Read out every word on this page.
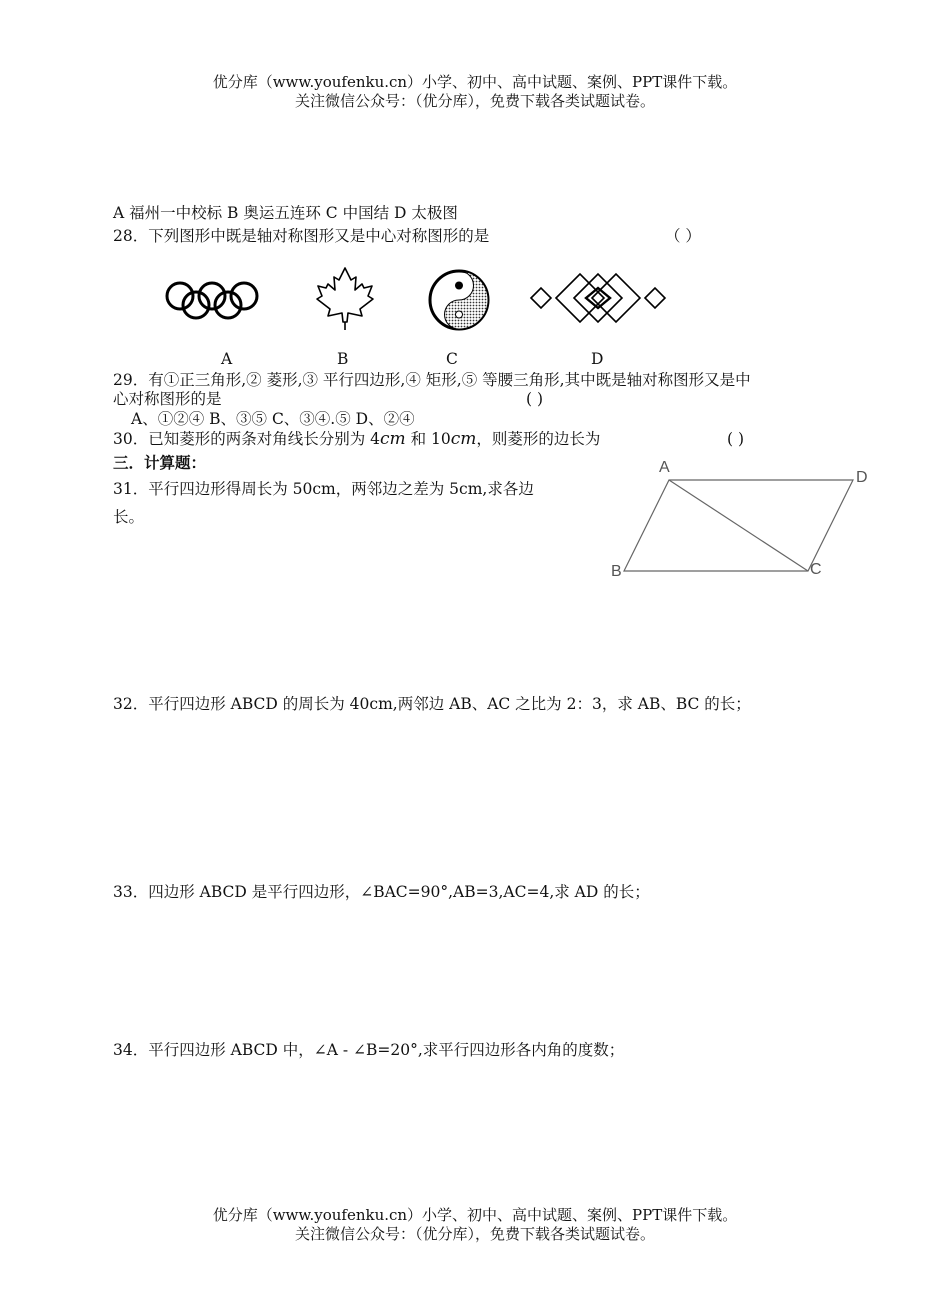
优分库（www.youfenku.cn）小学、初中、高中试题、案例、PPT课件下载。
关注微信公众号：（优分库），免费下载各类试题试卷。
A 福州一中校标 B 奥运五连环 C 中国结 D 太极图
28．下列图形中既是轴对称图形又是中心对称图形的是	（ ）
A	B	C	D
29．有①正三角形,② 菱形,③ 平行四边形,④ 矩形,⑤ 等腰三角形,其中既是轴对称图形又是中
心对称图形的是	( )
A、①②④ B、③⑤ C、③④.⑤ D、②④
30．已知菱形的两条对角线长分别为 4cm 和 10cm，则菱形的边长为	( )
三．计算题：
31．平行四边形得周长为 50cm，两邻边之差为 5cm,求各边
长。
A
D
B	C
32．平行四边形 ABCD 的周长为 40cm,两邻边 AB、AC 之比为 2：3，求 AB、BC 的长；
33．四边形 ABCD 是平行四边形，∠BAC=90°,AB=3,AC=4,求 AD 的长；
34．平行四边形 ABCD 中，∠A - ∠B=20°,求平行四边形各内角的度数；
优分库（www.youfenku.cn）小学、初中、高中试题、案例、PPT课件下载。
关注微信公众号：（优分库），免费下载各类试题试卷。
